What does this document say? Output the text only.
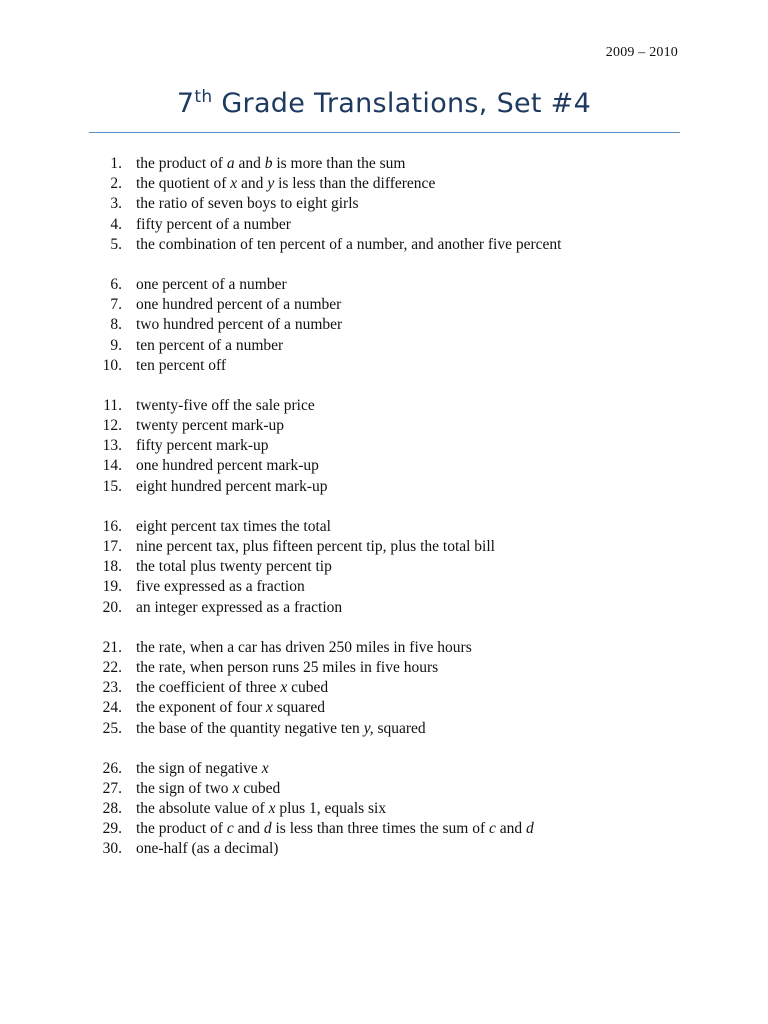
2009 – 2010
7th Grade Translations, Set #4
1. the product of a and b is more than the sum
2. the quotient of x and y is less than the difference
3. the ratio of seven boys to eight girls
4. fifty percent of a number
5. the combination of ten percent of a number, and another five percent
6. one percent of a number
7. one hundred percent of a number
8. two hundred percent of a number
9. ten percent of a number
10. ten percent off
11. twenty-five off the sale price
12. twenty percent mark-up
13. fifty percent mark-up
14. one hundred percent mark-up
15. eight hundred percent mark-up
16. eight percent tax times the total
17. nine percent tax, plus fifteen percent tip, plus the total bill
18. the total plus twenty percent tip
19. five expressed as a fraction
20. an integer expressed as a fraction
21. the rate, when a car has driven 250 miles in five hours
22. the rate, when person runs 25 miles in five hours
23. the coefficient of three x cubed
24. the exponent of four x squared
25. the base of the quantity negative ten y, squared
26. the sign of negative x
27. the sign of two x cubed
28. the absolute value of x plus 1, equals six
29. the product of c and d is less than three times the sum of c and d
30. one-half (as a decimal)
